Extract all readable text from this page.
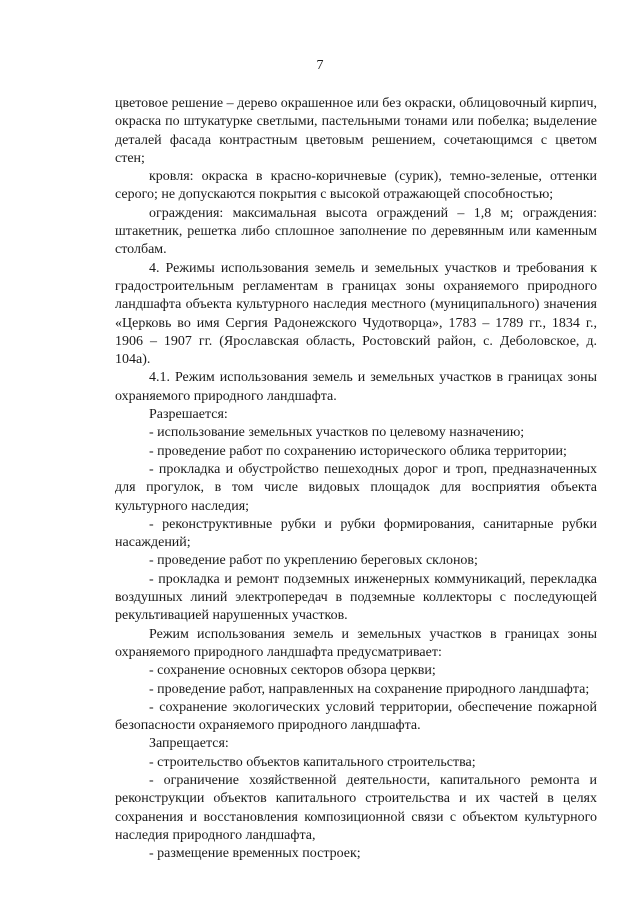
7

цветовое решение – дерево окрашенное или без окраски, облицовочный кирпич, окраска по штукатурке светлыми, пастельными тонами или побелка; выделение деталей фасада контрастным цветовым решением, сочетающимся с цветом стен;

кровля: окраска в красно-коричневые (сурик), темно-зеленые, оттенки серого; не допускаются покрытия с высокой отражающей способностью;

ограждения: максимальная высота ограждений – 1,8 м; ограждения: штакетник, решетка либо сплошное заполнение по деревянным или каменным столбам.

4. Режимы использования земель и земельных участков и требования к градостроительным регламентам в границах зоны охраняемого природного ландшафта объекта культурного наследия местного (муниципального) значения «Церковь во имя Сергия Радонежского Чудотворца», 1783 – 1789 гг., 1834 г., 1906 – 1907 гг. (Ярославская область, Ростовский район, с. Деболовское, д. 104а).

4.1. Режим использования земель и земельных участков в границах зоны охраняемого природного ландшафта.

Разрешается:

- использование земельных участков по целевому назначению;

- проведение работ по сохранению исторического облика территории;

- прокладка и обустройство пешеходных дорог и троп, предназначенных для прогулок, в том числе видовых площадок для восприятия объекта культурного наследия;

- реконструктивные рубки и рубки формирования, санитарные рубки насаждений;

- проведение работ по укреплению береговых склонов;

- прокладка и ремонт подземных инженерных коммуникаций, перекладка воздушных линий электропередач в подземные коллекторы с последующей рекультивацией нарушенных участков.

Режим использования земель и земельных участков в границах зоны охраняемого природного ландшафта предусматривает:

- сохранение основных секторов обзора церкви;

- проведение работ, направленных на сохранение природного ландшафта;

- сохранение экологических условий территории, обеспечение пожарной безопасности охраняемого природного ландшафта.

Запрещается:

- строительство объектов капитального строительства;

- ограничение хозяйственной деятельности, капитального ремонта и реконструкции объектов капитального строительства и их частей в целях сохранения и восстановления композиционной связи с объектом культурного наследия природного ландшафта,

- размещение временных построек;
